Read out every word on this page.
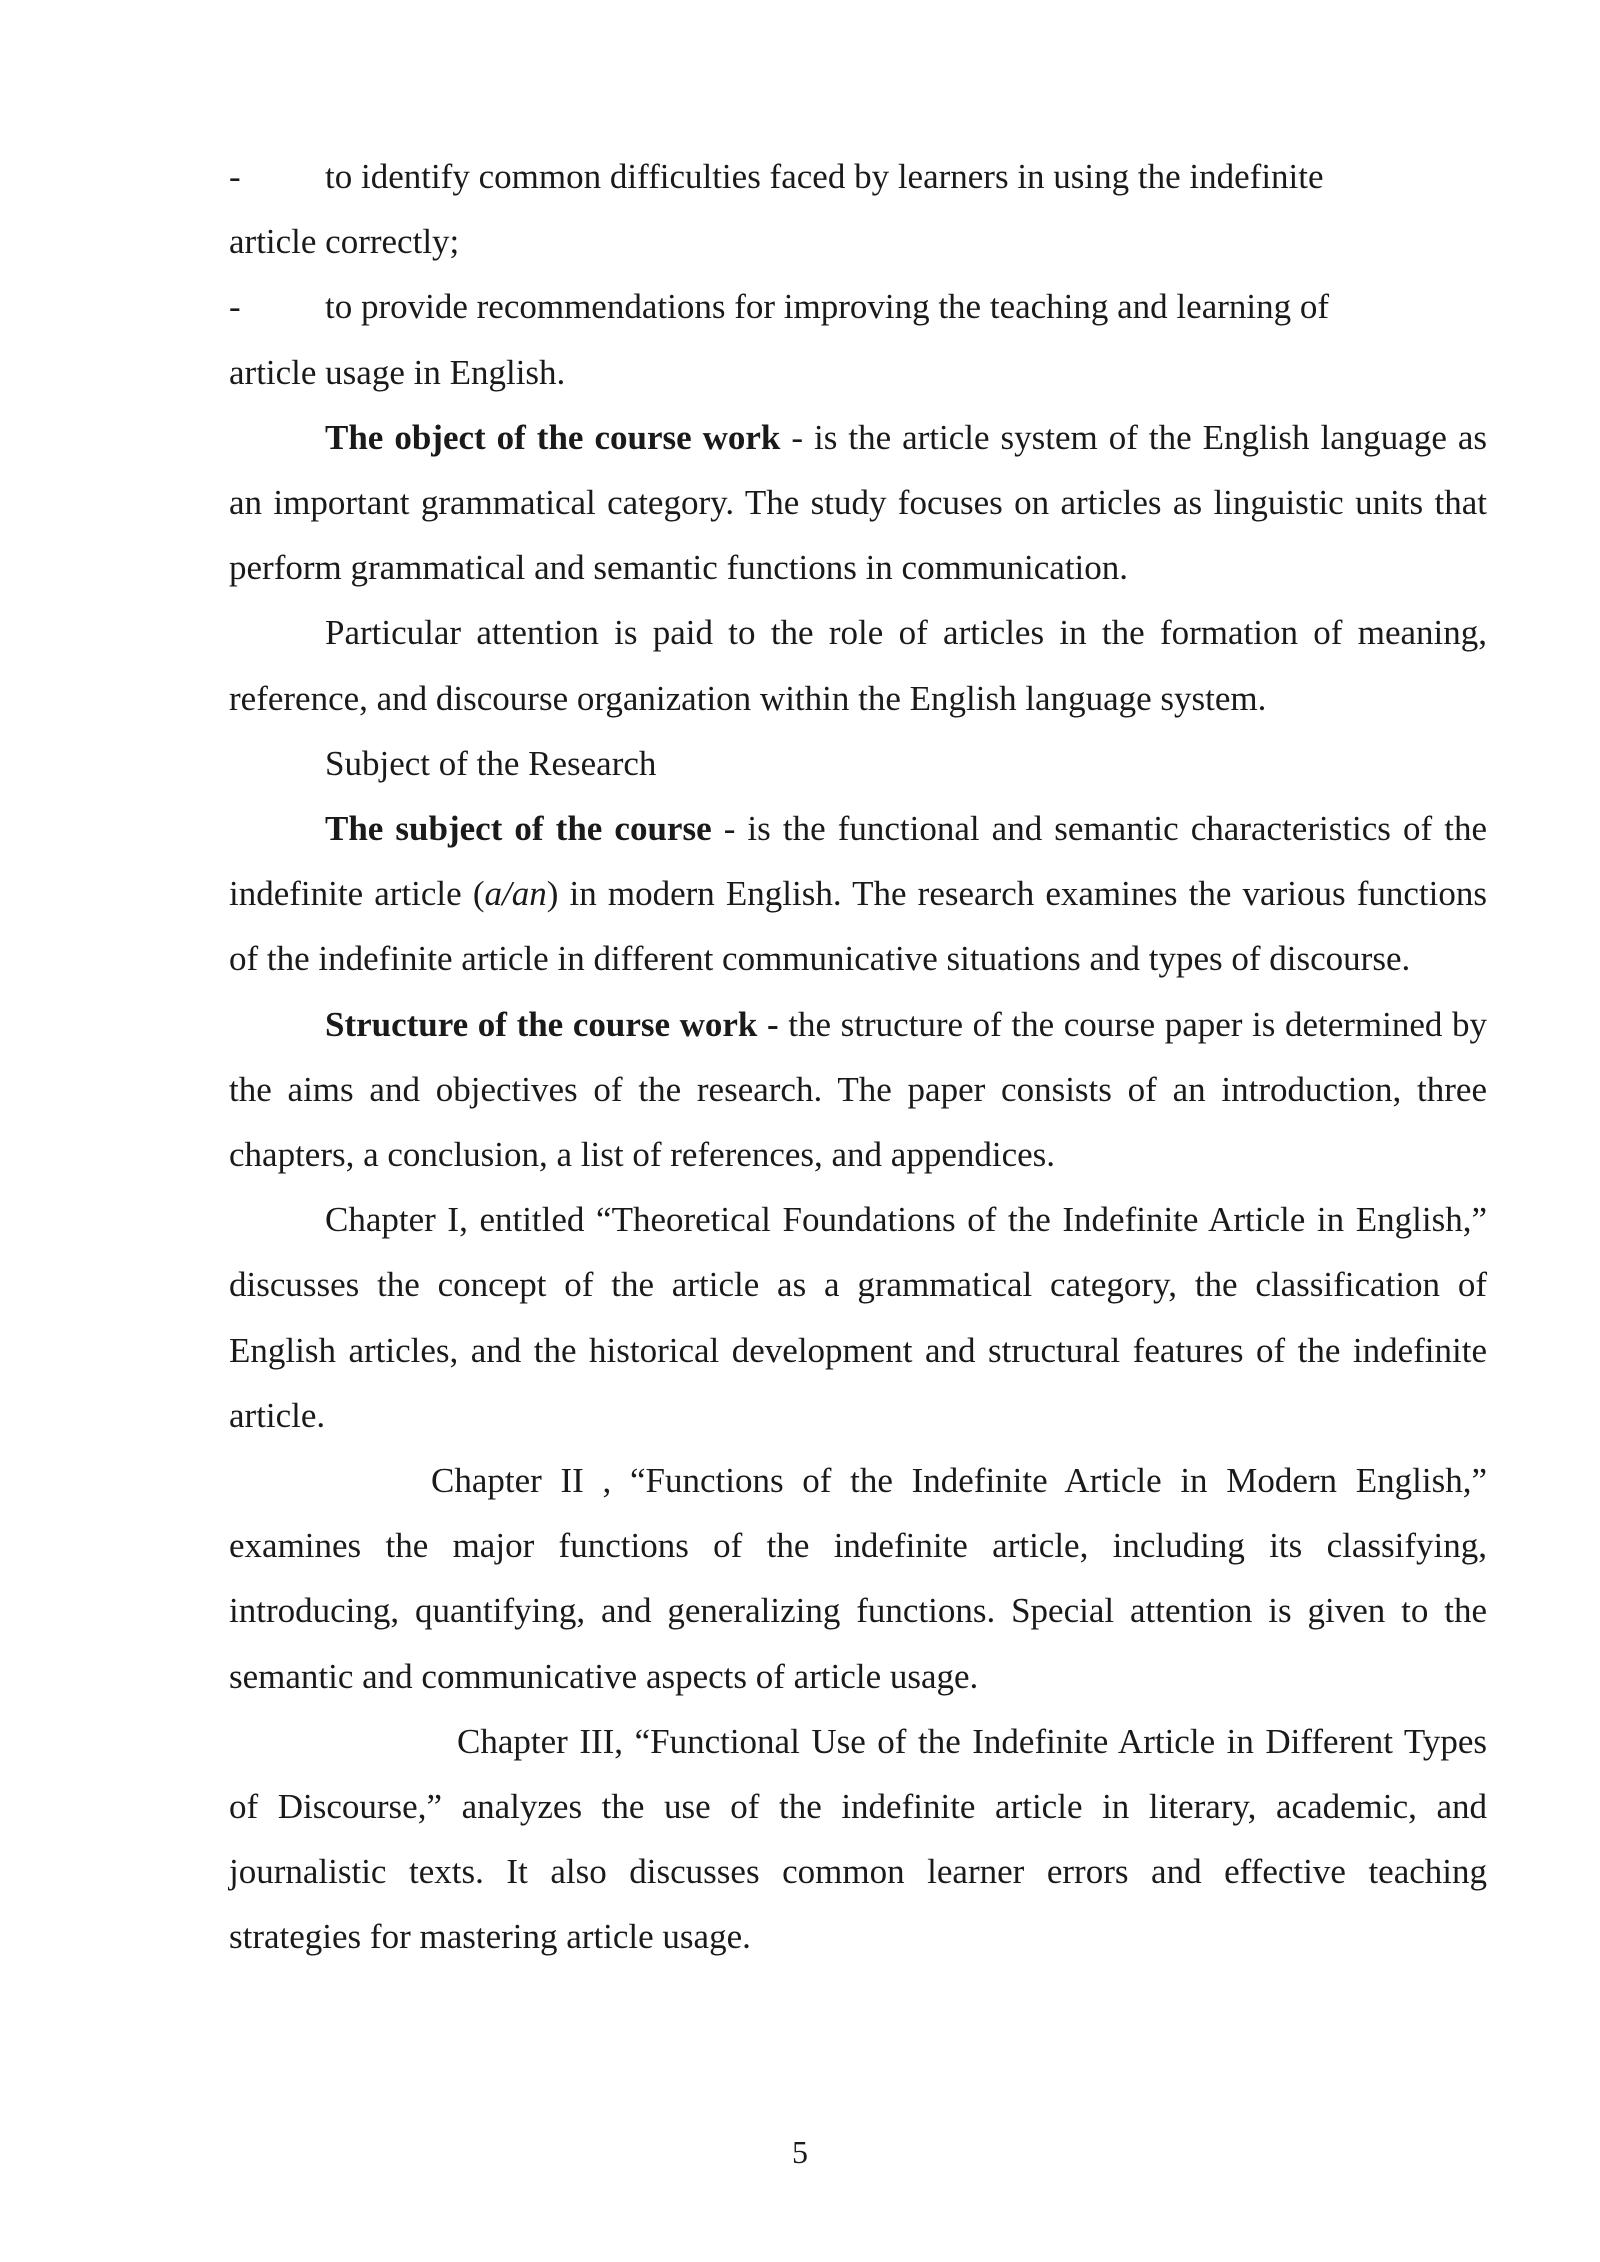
- to identify common difficulties faced by learners in using the indefinite
article correctly;

- to provide recommendations for improving the teaching and learning of
article usage in English.

The object of the course work - is the article system of the English language as an important grammatical category. The study focuses on articles as linguistic units that perform grammatical and semantic functions in communication.

Particular attention is paid to the role of articles in the formation of meaning, reference, and discourse organization within the English language system.

Subject of the Research

The subject of the course - is the functional and semantic characteristics of the indefinite article (a/an) in modern English. The research examines the various functions of the indefinite article in different communicative situations and types of discourse.

Structure of the course work - the structure of the course paper is determined by the aims and objectives of the research. The paper consists of an introduction, three chapters, a conclusion, a list of references, and appendices.

Chapter I, entitled “Theoretical Foundations of the Indefinite Article in English,” discusses the concept of the article as a grammatical category, the classification of English articles, and the historical development and structural features of the indefinite article.

Chapter II , “Functions of the Indefinite Article in Modern English,” examines the major functions of the indefinite article, including its classifying, introducing, quantifying, and generalizing functions. Special attention is given to the semantic and communicative aspects of article usage.

Chapter III, “Functional Use of the Indefinite Article in Different Types of Discourse,” analyzes the use of the indefinite article in literary, academic, and journalistic texts. It also discusses common learner errors and effective teaching strategies for mastering article usage.

5
